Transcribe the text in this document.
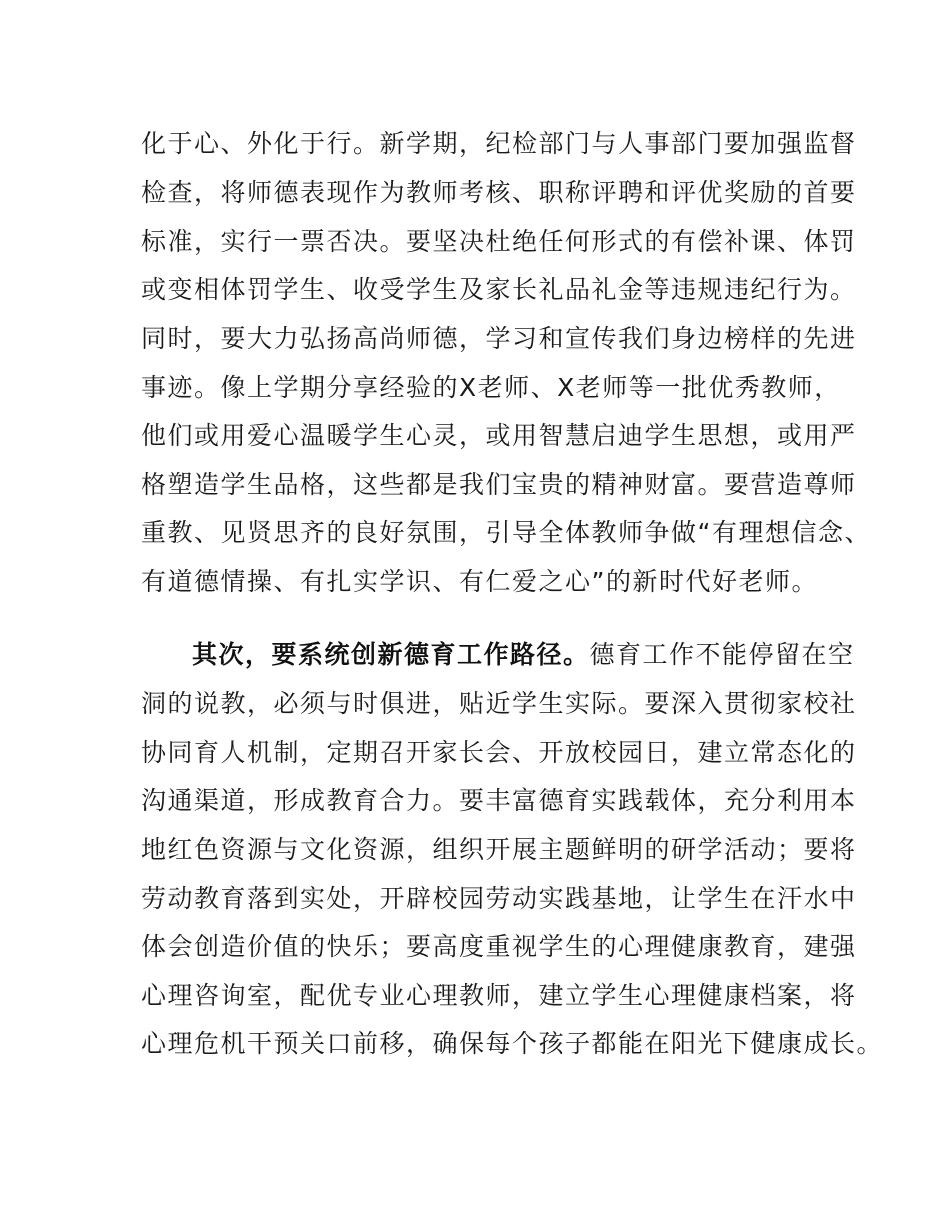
化于心、外化于行。新学期，纪检部门与人事部门要加强监督

检查，将师德表现作为教师考核、职称评聘和评优奖励的首要

标准，实行一票否决。要坚决杜绝任何形式的有偿补课、体罚

或变相体罚学生、收受学生及家长礼品礼金等违规违纪行为。

同时，要大力弘扬高尚师德，学习和宣传我们身边榜样的先进

事迹。像上学期分享经验的X老师、X老师等一批优秀教师，

他们或用爱心温暖学生心灵，或用智慧启迪学生思想，或用严

格塑造学生品格，这些都是我们宝贵的精神财富。要营造尊师

重教、见贤思齐的良好氛围，引导全体教师争做“有理想信念、

有道德情操、有扎实学识、有仁爱之心”的新时代好老师。

其次，要系统创新德育工作路径。德育工作不能停留在空

洞的说教，必须与时俱进，贴近学生实际。要深入贯彻家校社

协同育人机制，定期召开家长会、开放校园日，建立常态化的

沟通渠道，形成教育合力。要丰富德育实践载体，充分利用本

地红色资源与文化资源，组织开展主题鲜明的研学活动；要将

劳动教育落到实处，开辟校园劳动实践基地，让学生在汗水中

体会创造价值的快乐；要高度重视学生的心理健康教育，建强

心理咨询室，配优专业心理教师，建立学生心理健康档案，将

心理危机干预关口前移，确保每个孩子都能在阳光下健康成长。
